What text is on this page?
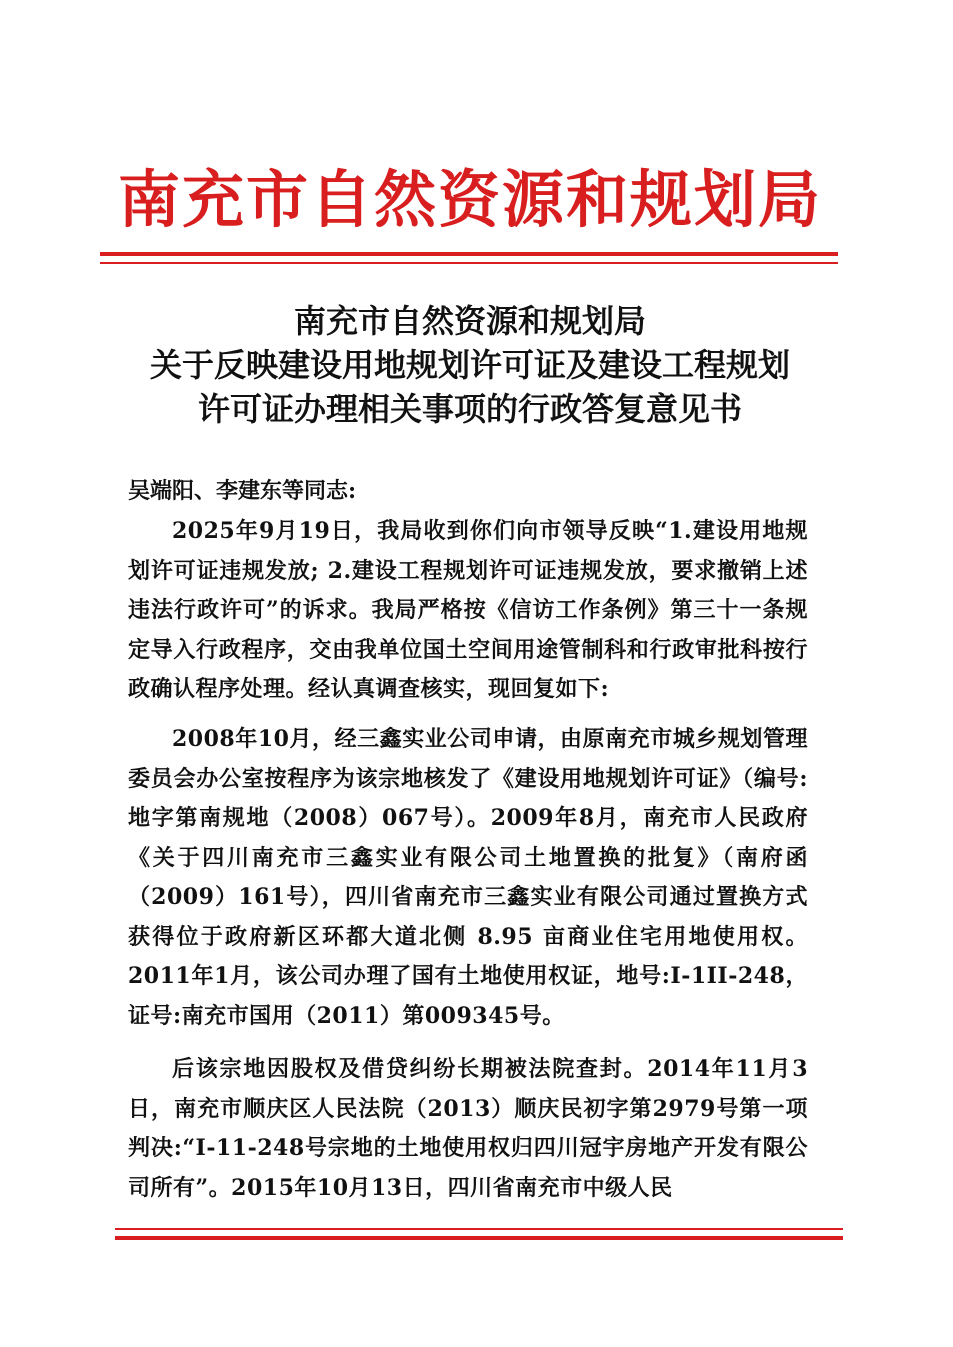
南充市自然资源和规划局
南充市自然资源和规划局
关于反映建设用地规划许可证及建设工程规划
许可证办理相关事项的行政答复意见书
吴端阳、李建东等同志:
2025年9月19日，我局收到你们向市领导反映“1.建设用地规划许可证违规发放; 2.建设工程规划许可证违规发放，要求撤销上述违法行政许可”的诉求。我局严格按《信访工作条例》第三十一条规定导入行政程序，交由我单位国土空间用途管制科和行政审批科按行政确认程序处理。经认真调查核实，现回复如下:
2008年10月，经三鑫实业公司申请，由原南充市城乡规划管理委员会办公室按程序为该宗地核发了《建设用地规划许可证》（编号: 地字第南规地（2008）067号）。2009年8月，南充市人民政府《关于四川南充市三鑫实业有限公司土地置换的批复》（南府函（2009）161号），四川省南充市三鑫实业有限公司通过置换方式获得位于政府新区环都大道北侧 8.95 亩商业住宅用地使用权。2011年1月，该公司办理了国有土地使用权证，地号:I-1II-248，证号:南充市国用（2011）第009345号。
后该宗地因股权及借贷纠纷长期被法院查封。2014年11月3日，南充市顺庆区人民法院（2013）顺庆民初字第2979号第一项判决:“I-11-248号宗地的土地使用权归四川冠宇房地产开发有限公司所有”。2015年10月13日，四川省南充市中级人民
